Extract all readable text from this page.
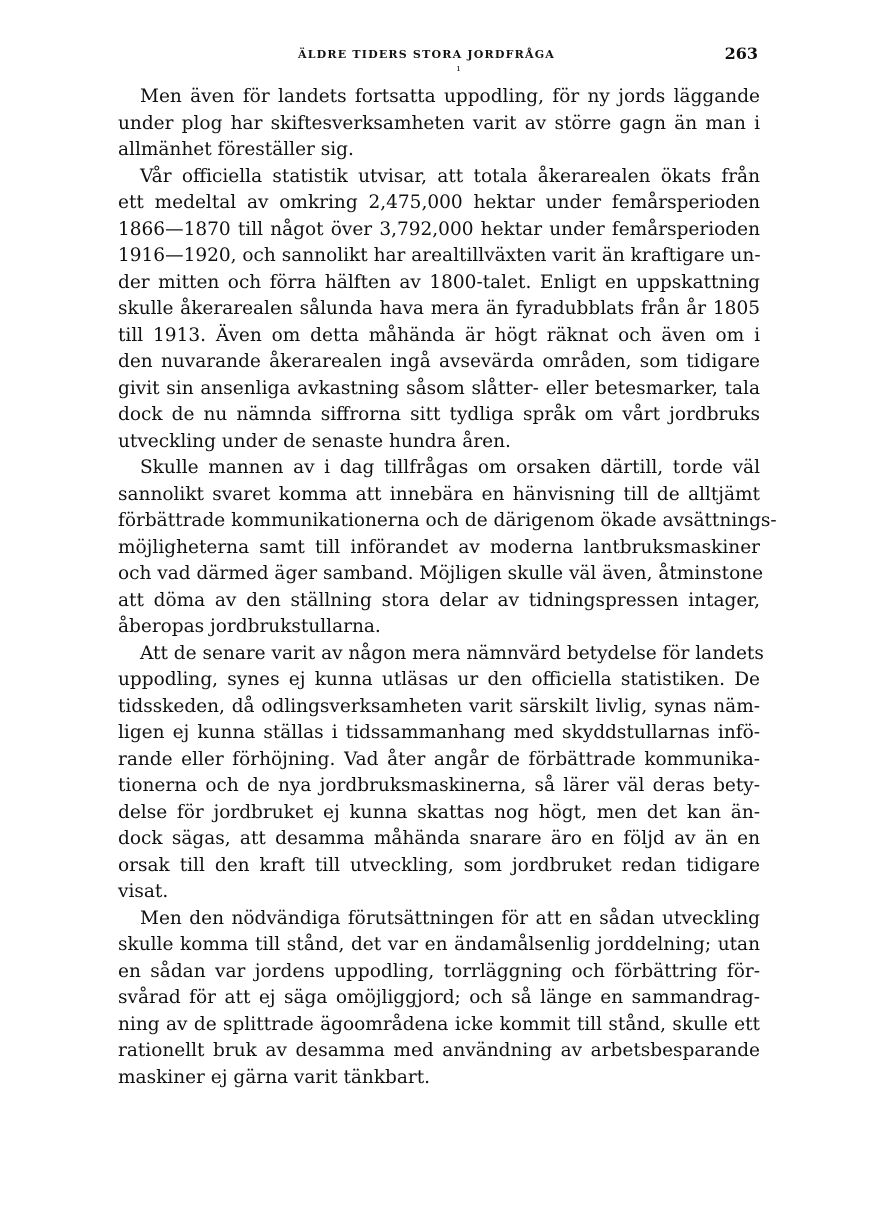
ı
ÄLDRE TIDERS STORA JORDFRÅGA	263

Men även för landets fortsatta uppodling, för ny jords läggande
under plog har skiftesverksamheten varit av större gagn än man i
allmänhet föreställer sig.

Vår officiella statistik utvisar, att totala åkerarealen ökats från
ett medeltal av omkring 2,475,000 hektar under femårsperioden
1866—1870 till något över 3,792,000 hektar under femårsperioden
1916—1920, och sannolikt har arealtillväxten varit än kraftigare un-
der mitten och förra hälften av 1800-talet. Enligt en uppskattning
skulle åkerarealen sålunda hava mera än fyradubblats från år 1805
till 1913. Även om detta måhända är högt räknat och även om i
den nuvarande åkerarealen ingå avsevärda områden, som tidigare
givit sin ansenliga avkastning såsom slåtter- eller betesmarker, tala
dock de nu nämnda siffrorna sitt tydliga språk om vårt jordbruks
utveckling under de senaste hundra åren.

Skulle mannen av i dag tillfrågas om orsaken därtill, torde väl
sannolikt svaret komma att innebära en hänvisning till de alltjämt
förbättrade kommunikationerna och de därigenom ökade avsättnings-
möjligheterna samt till införandet av moderna lantbruksmaskiner
och vad därmed äger samband. Möjligen skulle väl även, åtminstone
att döma av den ställning stora delar av tidningspressen intager,
åberopas jordbrukstullarna.

Att de senare varit av någon mera nämnvärd betydelse för landets
uppodling, synes ej kunna utläsas ur den officiella statistiken. De
tidsskeden, då odlingsverksamheten varit särskilt livlig, synas näm-
ligen ej kunna ställas i tidssammanhang med skyddstullarnas infö-
rande eller förhöjning. Vad åter angår de förbättrade kommunika-
tionerna och de nya jordbruksmaskinerna, så lärer väl deras bety-
delse för jordbruket ej kunna skattas nog högt, men det kan än-
dock sägas, att desamma måhända snarare äro en följd av än en
orsak till den kraft till utveckling, som jordbruket redan tidigare
visat.

Men den nödvändiga förutsättningen för att en sådan utveckling
skulle komma till stånd, det var en ändamålsenlig jorddelning; utan
en sådan var jordens uppodling, torrläggning och förbättring för-
svårad för att ej säga omöjliggjord; och så länge en sammandrag-
ning av de splittrade ägoområdena icke kommit till stånd, skulle ett
rationellt bruk av desamma med användning av arbetsbesparande
maskiner ej gärna varit tänkbart.
